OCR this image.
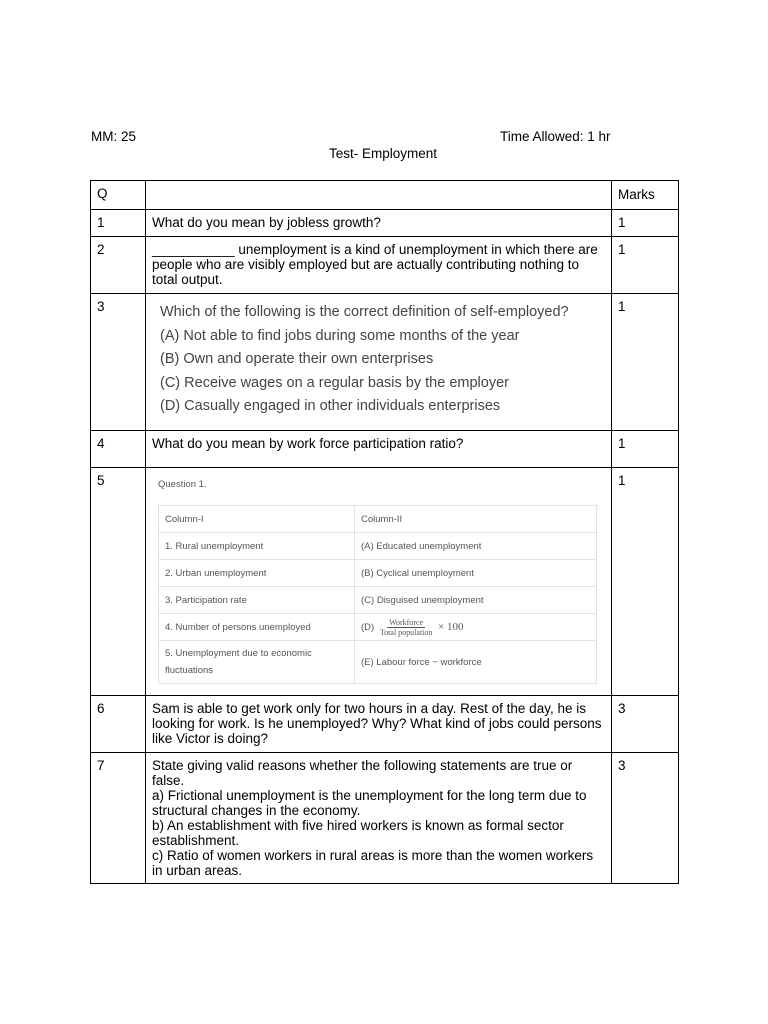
MM: 25	Time Allowed: 1 hr
Test- Employment
Q		Marks
1	What do you mean by jobless growth?	1
2	___________ unemployment is a kind of unemployment in which there are people who are visibly employed but are actually contributing nothing to total output.	1
3	Which of the following is the correct definition of self-employed?
(A) Not able to find jobs during some months of the year
(B) Own and operate their own enterprises
(C) Receive wages on a regular basis by the employer
(D) Casually engaged in other individuals enterprises
	1
4	What do you mean by work force participation ratio?	1
5	Question 1.
Column-I	Column-II
1. Rural unemployment	(A) Educated unemployment
2. Urban unemployment	(B) Cyclical unemployment
3. Participation rate	(C) Disguised unemployment
4. Number of persons unemployed	$(D) \frac{\text{Workforce}}{\text{Total population}} \times 100$
5. Unemployment due to economic fluctuations	(E) Labour force − workforce
	1
6	Sam is able to get work only for two hours in a day. Rest of the day, he is looking for work. Is he unemployed? Why? What kind of jobs could persons like Victor is doing?	3
7	State giving valid reasons whether the following statements are true or false.
a) Frictional unemployment is the unemployment for the long term due to structural changes in the economy.
b) An establishment with five hired workers is known as formal sector establishment.
c) Ratio of women workers in rural areas is more than the women workers in urban areas.
	3
